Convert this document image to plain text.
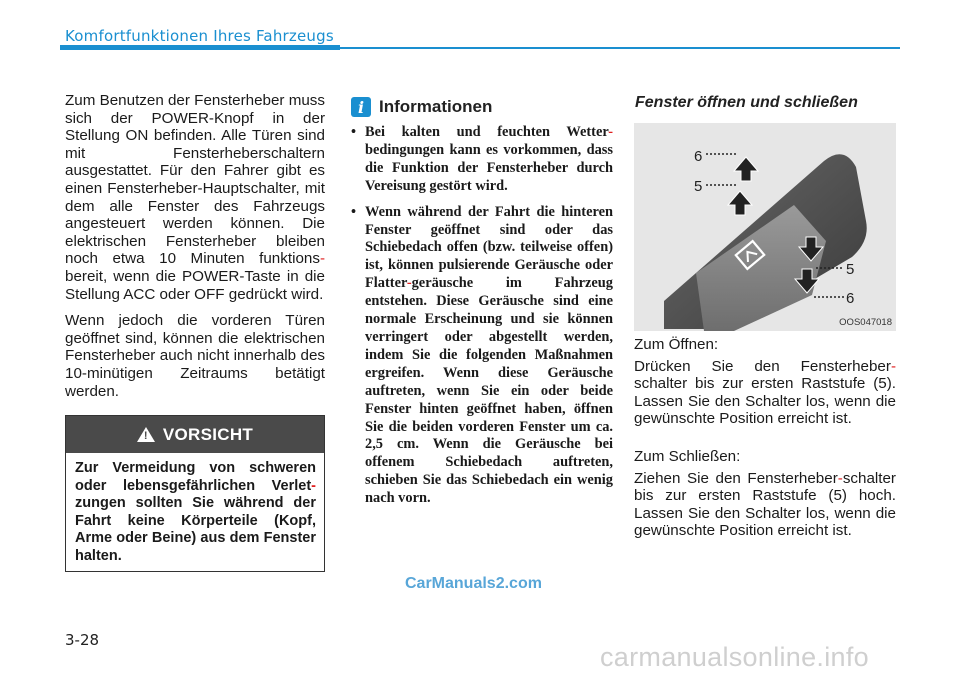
Komfortfunktionen Ihres Fahrzeugs

Zum Benutzen der Fensterheber muss sich der POWER-Knopf in der Stellung ON befinden. Alle Türen sind mit Fensterheberschaltern ausgestattet. Für den Fahrer gibt es einen Fensterheber-Hauptschalter, mit dem alle Fenster des Fahrzeugs angesteuert werden können. Die elektrischen Fensterheber bleiben noch etwa 10 Minuten funktions-bereit, wenn die POWER-Taste in die Stellung ACC oder OFF gedrückt wird.

Wenn jedoch die vorderen Türen geöffnet sind, können die elektrischen Fensterheber auch nicht innerhalb des 10-minütigen Zeitraums betätigt werden.

! VORSICHT
Zur Vermeidung von schweren oder lebensgefährlichen Verlet-zungen sollten Sie während der Fahrt keine Körperteile (Kopf, Arme oder Beine) aus dem Fenster halten.
i Informationen
• Bei kalten und feuchten Wetter-bedingungen kann es vorkommen, dass die Funktion der Fensterheber durch Vereisung gestört wird.
• Wenn während der Fahrt die hinteren Fenster geöffnet sind oder das Schiebedach offen (bzw. teilweise offen) ist, können pulsierende Geräusche oder Flatter-geräusche im Fahrzeug entstehen. Diese Geräusche sind eine normale Erscheinung und sie können verringert oder abgestellt werden, indem Sie die folgenden Maßnahmen ergreifen. Wenn diese Geräusche auftreten, wenn Sie ein oder beide Fenster hinten geöffnet haben, öffnen Sie die beiden vorderen Fenster um ca. 2,5 cm. Wenn die Geräusche bei offenem Schiebedach auftreten, schieben Sie das Schiebedach ein wenig nach vorn.
Fenster öffnen und schließen
6
5
5
6
OOS047018

Zum Öffnen:

Drücken Sie den Fensterheber-schalter bis zur ersten Raststufe (5). Lassen Sie den Schalter los, wenn die gewünschte Position erreicht ist.

Zum Schließen:

Ziehen Sie den Fensterheber-schalter bis zur ersten Raststufe (5) hoch. Lassen Sie den Schalter los, wenn die gewünschte Position erreicht ist.

CarManuals2.com
3-28
carmanualsonline.info
